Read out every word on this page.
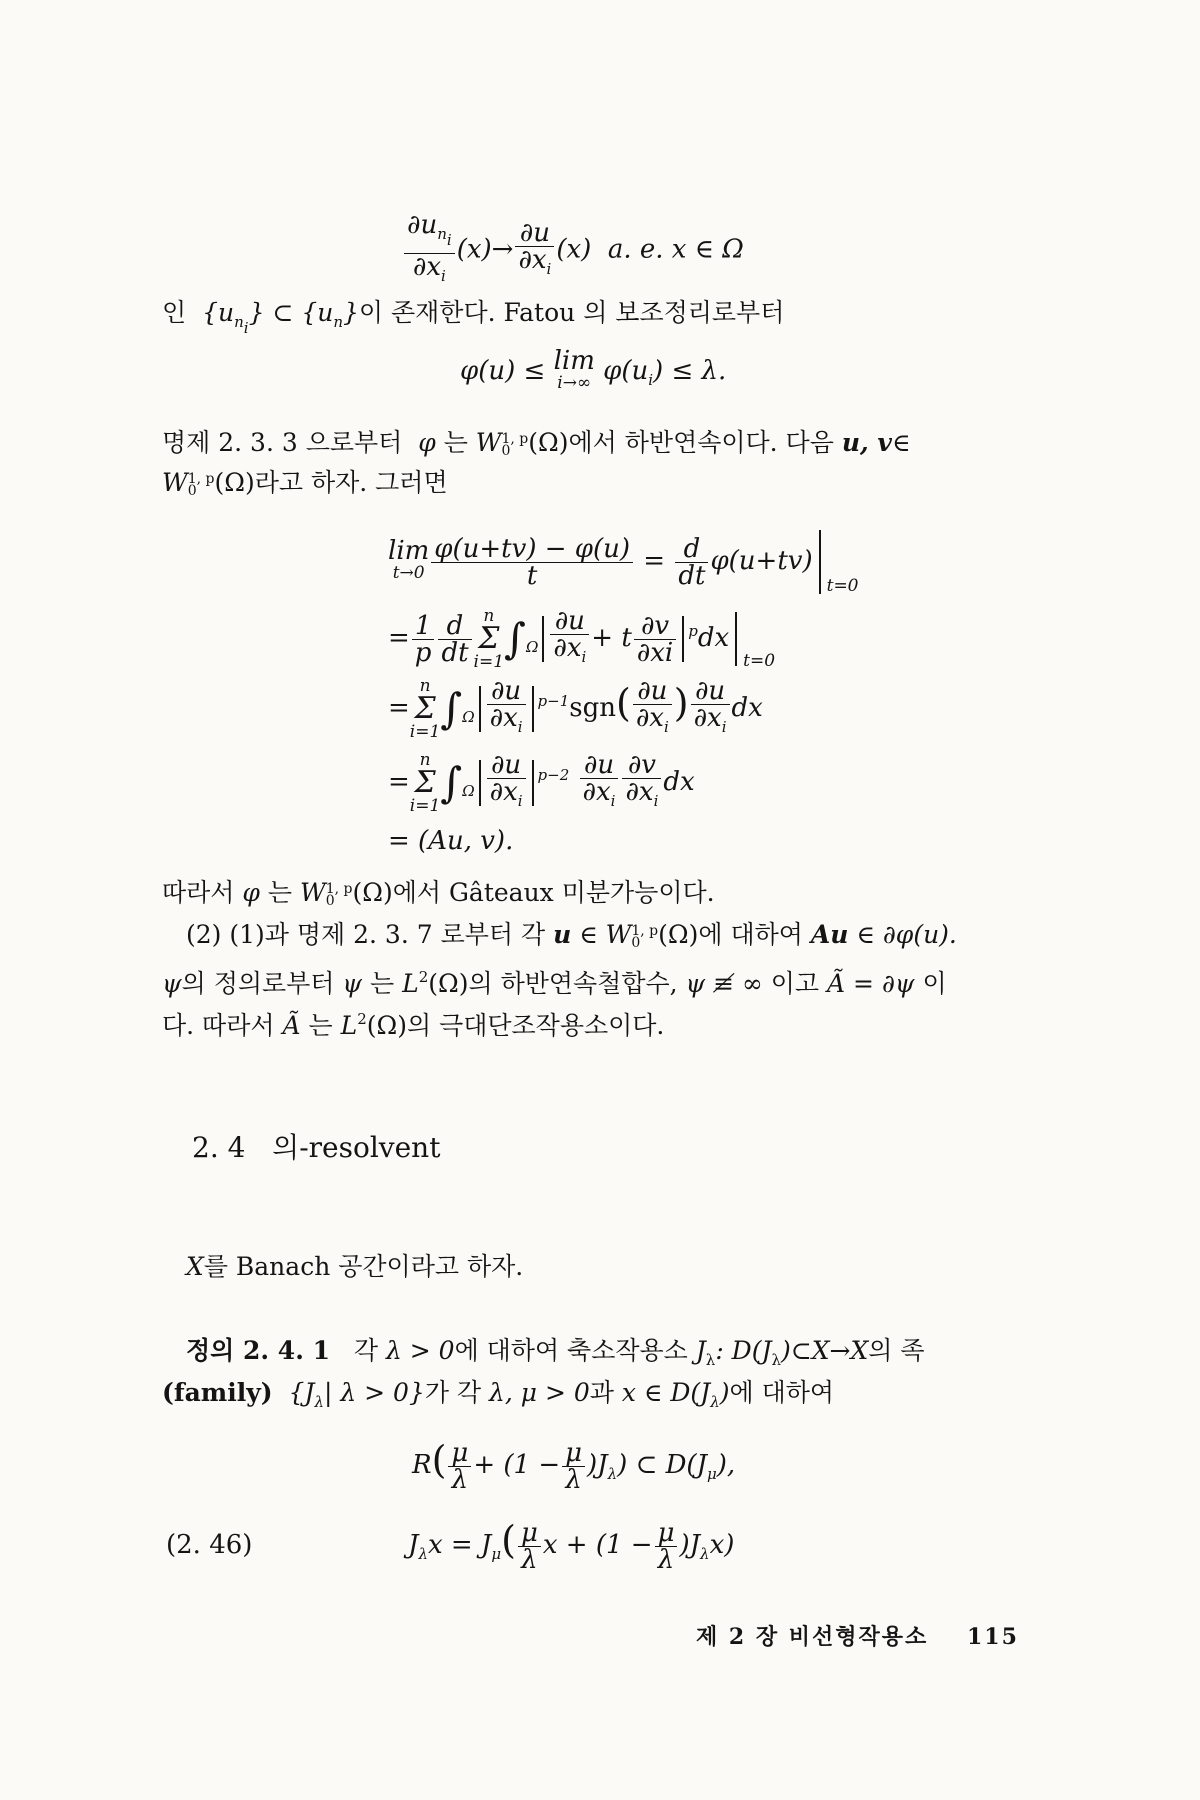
$\frac{\partial u_{ni}}{\partial x_i} (x)\to \frac{\partial u}{\partial x_i} (x)$ a. e. x ∈ Ω
인 $\{u_{ni}\}$ ⊂ $\{u_n\}$이 존재한다. Fatou 의 보조정리로부터
φ(u) ≤ lim
i→∞ $\varphi(u_i) \le \lambda$.
명제 2. 3. 3 으로부터 φ 는 W 1, p
0 (Ω)에서 하반연속이다. 다음 u, v∈
W 1, p
0 (Ω)라고 하자. 그러면
lim
$t\to 0 \frac{\varphi(u+tv) - \varphi(u)}{t} = \frac{d}{dt} \varphi(u+tv)_{t=0}$
= $\frac{1}{p} \frac{d}{dt}$ n
Σ
i=1 $\int_\Omega \frac{\partial u}{\partial x_i} + t \frac{\partial v}{\partial xi} ^pdx_{t=0}$
=
n
Σ
i=1 $\int_\Omega \frac{\partial u}{\partial x_i} ^{p-1}sgn( \frac{\partial u}{\partial x_i}$ ) $\frac{\partial u}{\partial x_i}$ dx
=
n
Σ
i=1 $\int_\Omega \frac{\partial u}{\partial x_i} ^{p-2} \frac{\partial u}{\partial x_i} \frac{\partial v}{\partial x_i}$ dx
= (Au, v).
따라서 φ 는 W 1, p
0 (Ω)에서 Gâteaux 미분가능이다.
(2) (1)과 명제 2. 3. 7 로부터 각 u ∈ W 1, p
0 (Ω)에 대하여 Au ∈ ∂φ(u).
ψ의 정의로부터 ψ 는 $L^2(\Omega)$의 하반연속철합수, ψ ≢ ∞ 이고 Ã = ∂ψ 이
다. 따라서 Ã 는 $L^2(\Omega)$의 극대단조작용소이다.
2. 4 의-resolvent
X를 Banach 공간이라고 하자.
정의 2. 4. 1 각 λ > 0에 대하여 축소작용소 $J_\lambda$: $D(J_\lambda)\subset X\to X$의 족
(family) {$J_\lambda|$ λ > 0}가 각 λ, μ > 0과 x ∈ $D(J_\lambda)$에 대하여
$R( \frac{\mu}{\lambda} + (1 - \frac{\mu}{\lambda} )J_\lambda)$ ⊂ $D(J_\mu)$,
(2. 46)	$J_\lambda x = J_\mu( \frac{\mu}{\lambda}$ $x + (1 - \frac{\mu}{\lambda} )J_\lambda x$)
제 2 장 비선형작용소 115
